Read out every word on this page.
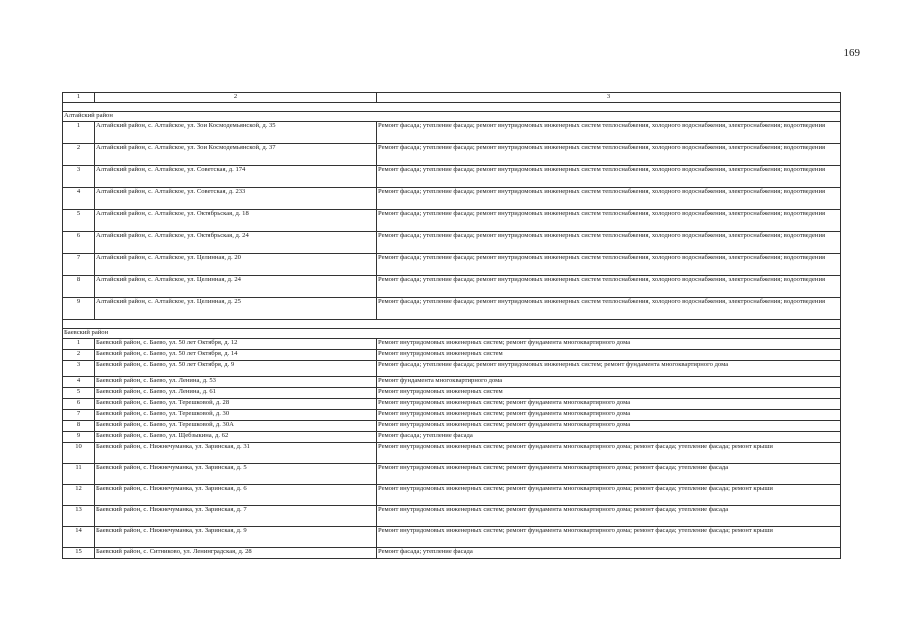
169
1	2	3

Алтайский район		
1	Алтайский район, с. Алтайское, ул. Зои Космодемьянской, д. 35	Ремонт фасада; утепление фасада; ремонт внутридомовых инженерных систем теплоснабжения, холодного водоснабжения, электроснабжения; водоотведения
2	Алтайский район, с. Алтайское, ул. Зои Космодемьянской, д. 37	Ремонт фасада; утепление фасада; ремонт внутридомовых инженерных систем теплоснабжения, холодного водоснабжения, электроснабжения; водоотведения
3	Алтайский район, с. Алтайское, ул. Советская, д. 174	Ремонт фасада; утепление фасада; ремонт внутридомовых инженерных систем теплоснабжения, холодного водоснабжения, электроснабжения; водоотведения
4	Алтайский район, с. Алтайское, ул. Советская, д. 233	Ремонт фасада; утепление фасада; ремонт внутридомовых инженерных систем теплоснабжения, холодного водоснабжения, электроснабжения; водоотведения
5	Алтайский район, с. Алтайское, ул. Октябрьская, д. 18	Ремонт фасада; утепление фасада; ремонт внутридомовых инженерных систем теплоснабжения, холодного водоснабжения, электроснабжения; водоотведения
6	Алтайский район, с. Алтайское, ул. Октябрьская, д. 24	Ремонт фасада; утепление фасада; ремонт внутридомовых инженерных систем теплоснабжения, холодного водоснабжения, электроснабжения; водоотведения
7	Алтайский район, с. Алтайское, ул. Целинная, д. 20	Ремонт фасада; утепление фасада; ремонт внутридомовых инженерных систем теплоснабжения, холодного водоснабжения, электроснабжения; водоотведения
8	Алтайский район, с. Алтайское, ул. Целинная, д. 24	Ремонт фасада; утепление фасада; ремонт внутридомовых инженерных систем теплоснабжения, холодного водоснабжения, электроснабжения; водоотведения
9	Алтайский район, с. Алтайское, ул. Целинная, д. 25	Ремонт фасада; утепление фасада; ремонт внутридомовых инженерных систем теплоснабжения, холодного водоснабжения, электроснабжения; водоотведения

Баевский район		
1	Баевский район, с. Баево, ул. 50 лет Октября, д. 12	Ремонт внутридомовых инженерных систем; ремонт фундамента многоквартирного дома
2	Баевский район, с. Баево, ул. 50 лет Октября, д. 14	Ремонт внутридомовых инженерных систем
3	Баевский район, с. Баево, ул. 50 лет Октября, д. 9	Ремонт фасада; утепление фасада; ремонт внутридомовых инженерных систем; ремонт фундамента многоквартирного дома
4	Баевский район, с. Баево, ул. Ленина, д. 53	Ремонт фундамента многоквартирного дома
5	Баевский район, с. Баево, ул. Ленина, д. 61	Ремонт внутридомовых инженерных систем
6	Баевский район, с. Баево, ул. Терешковой, д. 28	Ремонт внутридомовых инженерных систем; ремонт фундамента многоквартирного дома
7	Баевский район, с. Баево, ул. Терешковой, д. 30	Ремонт внутридомовых инженерных систем; ремонт фундамента многоквартирного дома
8	Баевский район, с. Баево, ул. Терешковой, д. 30А	Ремонт внутридомовых инженерных систем; ремонт фундамента многоквартирного дома
9	Баевский район, с. Баево, ул. Щебзыкина, д. 62	Ремонт фасада; утепление фасада
10	Баевский район, с. Нижнечуманка, ул. Заринская, д. 31	Ремонт внутридомовых инженерных систем; ремонт фундамента многоквартирного дома; ремонт фасада; утепление фасада; ремонт крыши
11	Баевский район, с. Нижнечуманка, ул. Заринская, д. 5	Ремонт внутридомовых инженерных систем; ремонт фундамента многоквартирного дома; ремонт фасада; утепление фасада
12	Баевский район, с. Нижнечуманка, ул. Заринская, д. 6	Ремонт внутридомовых инженерных систем; ремонт фундамента многоквартирного дома; ремонт фасада; утепление фасада; ремонт крыши
13	Баевский район, с. Нижнечуманка, ул. Заринская, д. 7	Ремонт внутридомовых инженерных систем; ремонт фундамента многоквартирного дома; ремонт фасада; утепление фасада
14	Баевский район, с. Нижнечуманка, ул. Заринская, д. 9	Ремонт внутридомовых инженерных систем; ремонт фундамента многоквартирного дома; ремонт фасада; утепление фасада; ремонт крыши
15	Баевский район, с. Ситниково, ул. Ленинградская, д. 28	Ремонт фасада; утепление фасада
